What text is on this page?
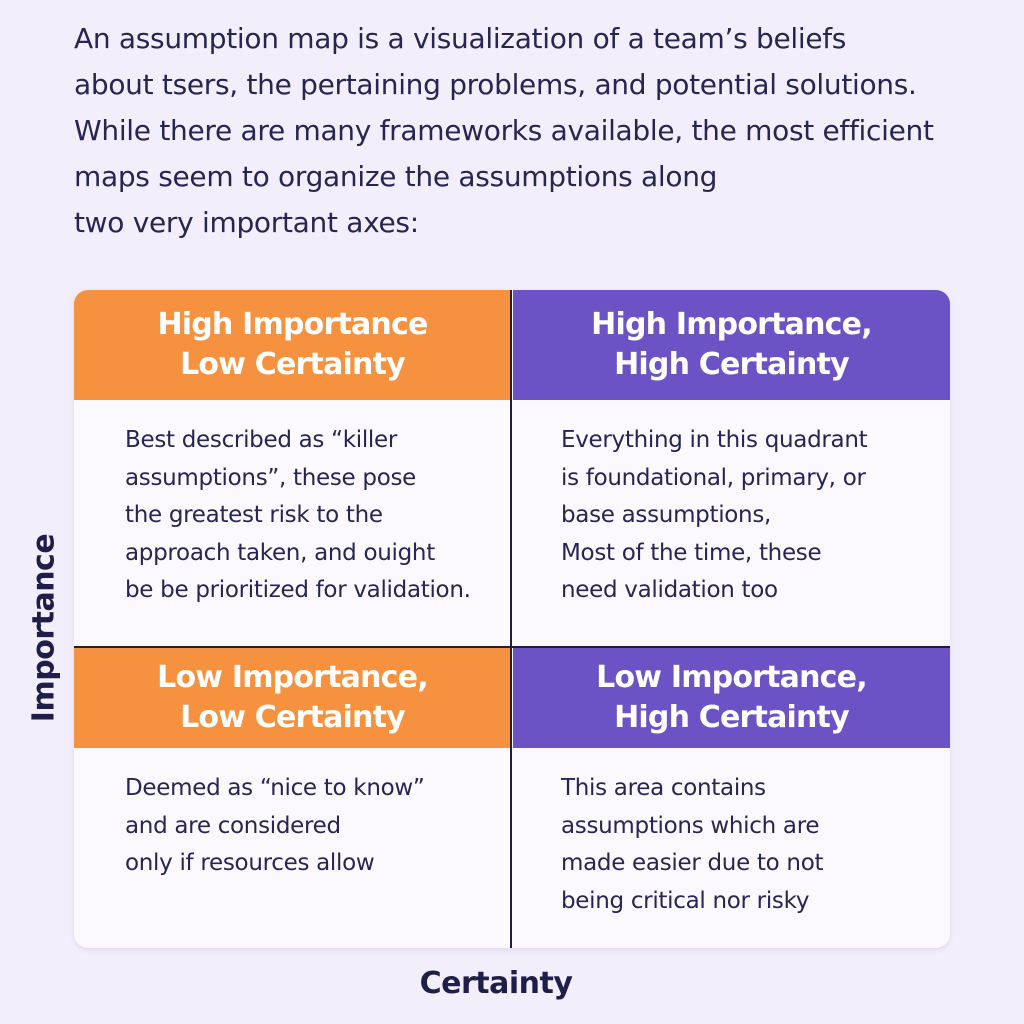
An assumption map is a visualization of a team’s beliefs
about tsers, the pertaining problems, and potential solutions.
While there are many frameworks available, the most efficient
maps seem to organize the assumptions along
two very important axes:
High Importance
Low Certainty
Best described as “killer
assumptions”, these pose
the greatest risk to the
approach taken, and ouight
be be prioritized for validation.
High Importance,
High Certainty
Everything in this quadrant
is foundational, primary, or
base assumptions,
Most of the time, these
need validation too
Low Importance,
Low Certainty
Deemed as “nice to know”
and are considered
only if resources allow
Low Importance,
High Certainty
This area contains
assumptions which are
made easier due to not
being critical nor risky
Importance
Certainty
